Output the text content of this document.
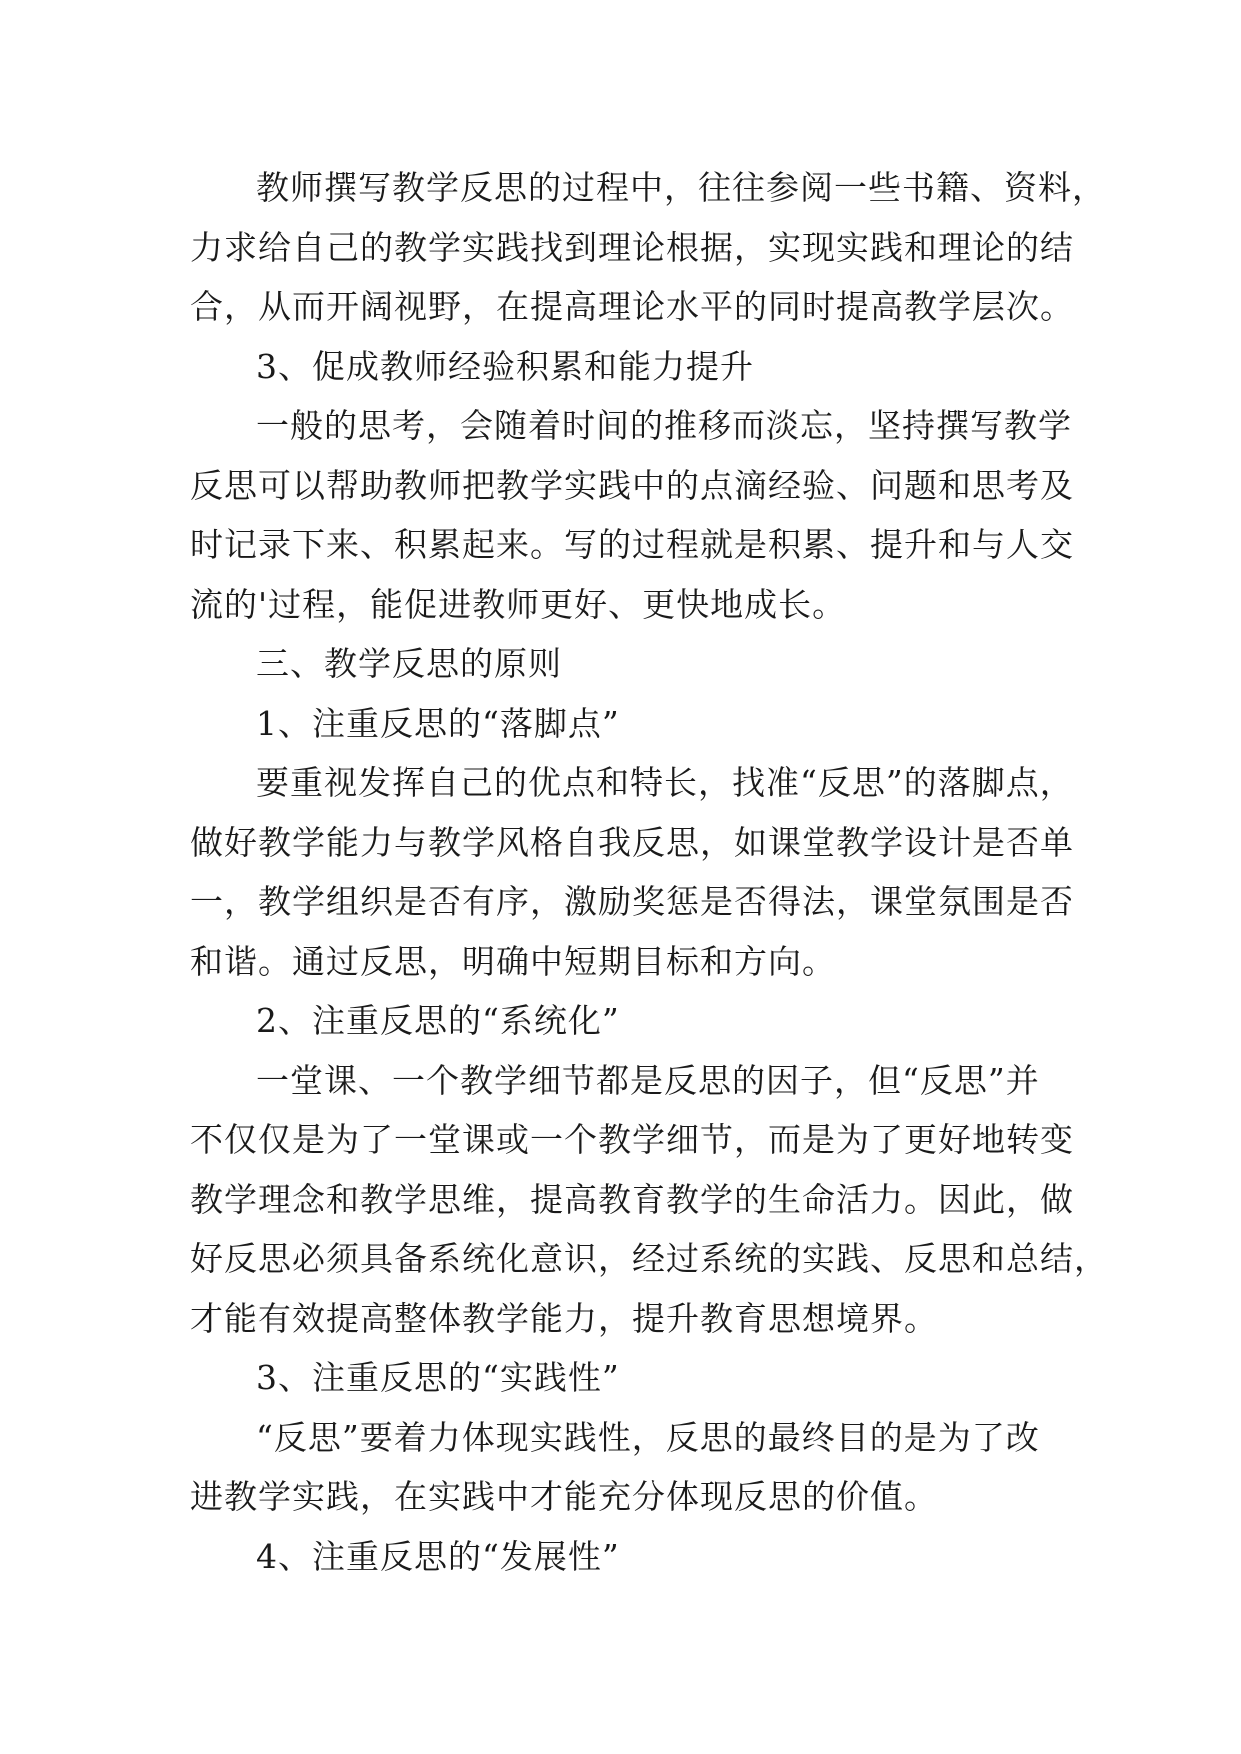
教师撰写教学反思的过程中，往往参阅一些书籍、资料，
力求给自己的教学实践找到理论根据，实现实践和理论的结
合，从而开阔视野，在提高理论水平的同时提高教学层次。
3、促成教师经验积累和能力提升
一般的思考，会随着时间的推移而淡忘，坚持撰写教学
反思可以帮助教师把教学实践中的点滴经验、问题和思考及
时记录下来、积累起来。写的过程就是积累、提升和与人交
流的'过程，能促进教师更好、更快地成长。
三、教学反思的原则
1、注重反思的“落脚点”
要重视发挥自己的优点和特长，找准“反思”的落脚点，
做好教学能力与教学风格自我反思，如课堂教学设计是否单
一，教学组织是否有序，激励奖惩是否得法，课堂氛围是否
和谐。通过反思，明确中短期目标和方向。
2、注重反思的“系统化”
一堂课、一个教学细节都是反思的因子，但“反思”并
不仅仅是为了一堂课或一个教学细节，而是为了更好地转变
教学理念和教学思维，提高教育教学的生命活力。因此，做
好反思必须具备系统化意识，经过系统的实践、反思和总结，
才能有效提高整体教学能力，提升教育思想境界。
3、注重反思的“实践性”
“反思”要着力体现实践性，反思的最终目的是为了改
进教学实践，在实践中才能充分体现反思的价值。
4、注重反思的“发展性”
